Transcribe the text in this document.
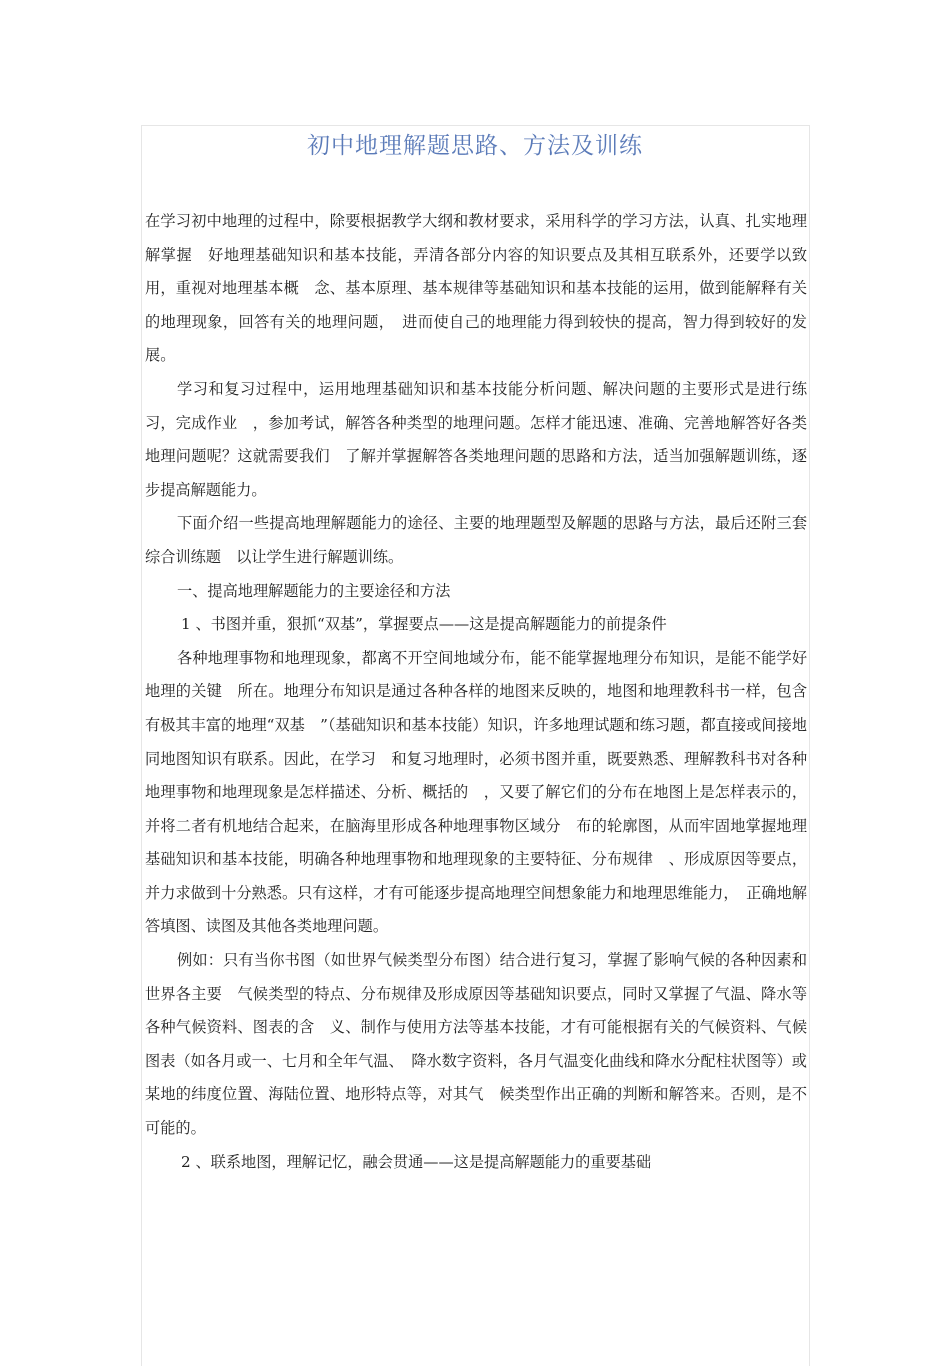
初中地理解题思路、方法及训练

在学习初中地理的过程中，除要根据教学大纲和教材要求，采用科学的学习方法，认真、扎实地理解掌握　好地理基础知识和基本技能，弄清各部分内容的知识要点及其相互联系外，还要学以致用，重视对地理基本概　念、基本原理、基本规律等基础知识和基本技能的运用，做到能解释有关的地理现象，回答有关的地理问题，　进而使自己的地理能力得到较快的提高，智力得到较好的发展。

学习和复习过程中，运用地理基础知识和基本技能分析问题、解决问题的主要形式是进行练习，完成作业　，参加考试，解答各种类型的地理问题。怎样才能迅速、准确、完善地解答好各类地理问题呢？这就需要我们　了解并掌握解答各类地理问题的思路和方法，适当加强解题训练，逐步提高解题能力。

下面介绍一些提高地理解题能力的途径、主要的地理题型及解题的思路与方法，最后还附三套综合训练题　以让学生进行解题训练。

一、提高地理解题能力的主要途径和方法

1 、书图并重，狠抓“双基”，掌握要点——这是提高解题能力的前提条件

各种地理事物和地理现象，都离不开空间地域分布，能不能掌握地理分布知识，是能不能学好地理的关键　所在。地理分布知识是通过各种各样的地图来反映的，地图和地理教科书一样，包含有极其丰富的地理“双基　”（基础知识和基本技能）知识，许多地理试题和练习题，都直接或间接地同地图知识有联系。因此，在学习　和复习地理时，必须书图并重，既要熟悉、理解教科书对各种地理事物和地理现象是怎样描述、分析、概括的　，又要了解它们的分布在地图上是怎样表示的，并将二者有机地结合起来，在脑海里形成各种地理事物区域分　布的轮廓图，从而牢固地掌握地理基础知识和基本技能，明确各种地理事物和地理现象的主要特征、分布规律　、形成原因等要点，并力求做到十分熟悉。只有这样，才有可能逐步提高地理空间想象能力和地理思维能力，　正确地解答填图、读图及其他各类地理问题。

例如：只有当你书图（如世界气候类型分布图）结合进行复习，掌握了影响气候的各种因素和世界各主要　气候类型的特点、分布规律及形成原因等基础知识要点，同时又掌握了气温、降水等各种气候资料、图表的含　义、制作与使用方法等基本技能，才有可能根据有关的气候资料、气候图表（如各月或一、七月和全年气温、　降水数字资料，各月气温变化曲线和降水分配柱状图等）或某地的纬度位置、海陆位置、地形特点等，对其气　候类型作出正确的判断和解答来。否则，是不可能的。

2 、联系地图，理解记忆，融会贯通——这是提高解题能力的重要基础
